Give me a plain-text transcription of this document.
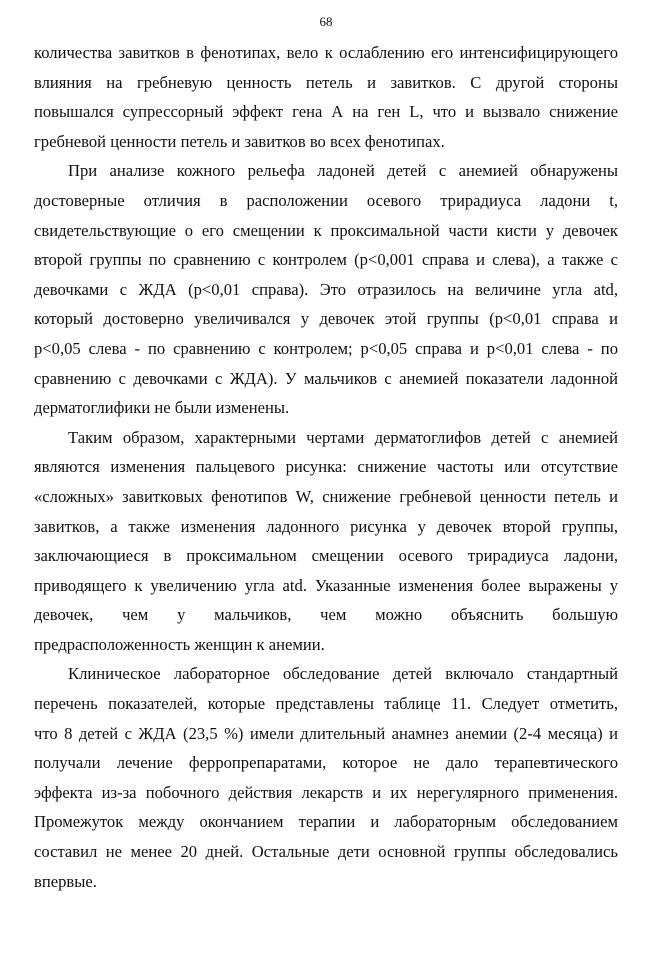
68

количества завитков в фенотипах, вело к ослаблению его интенсифицирующего
влияния на гребневую ценность петель и завитков. С другой стороны
повышался супрессорный эффект гена А на ген L, что и вызвало снижение
гребневой ценности петель и завитков во всех фенотипах.

При анализе кожного рельефа ладоней детей с анемией обнаружены
достоверные отличия в расположении осевого трирадиуса ладони t,
свидетельствующие о его смещении к проксимальной части кисти у девочек
второй группы по сравнению с контролем (p<0,001 справа и слева), а также с
девочками с ЖДА (p<0,01 справа). Это отразилось на величине угла atd,
который достоверно увеличивался у девочек этой группы (p<0,01 справа и
p<0,05 слева - по сравнению с контролем; p<0,05 справа и p<0,01 слева - по
сравнению с девочками с ЖДА). У мальчиков с анемией показатели ладонной
дерматоглифики не были изменены.

Таким образом, характерными чертами дерматоглифов детей с анемией
являются изменения пальцевого рисунка: снижение частоты или отсутствие
«сложных» завитковых фенотипов W, снижение гребневой ценности петель и
завитков, а также изменения ладонного рисунка у девочек второй группы,
заключающиеся в проксимальном смещении осевого трирадиуса ладони,
приводящего к увеличению угла atd. Указанные изменения более выражены у
девочек, чем у мальчиков, чем можно объяснить большую
предрасположенность женщин к анемии.

Клиническое лабораторное обследование детей включало стандартный
перечень показателей, которые представлены таблице 11. Следует отметить,
что 8 детей с ЖДА (23,5 %) имели длительный анамнез анемии (2-4 месяца) и
получали лечение ферропрепаратами, которое не дало терапевтического
эффекта из-за побочного действия лекарств и их нерегулярного применения.
Промежуток между окончанием терапии и лабораторным обследованием
составил не менее 20 дней. Остальные дети основной группы обследовались
впервые.
